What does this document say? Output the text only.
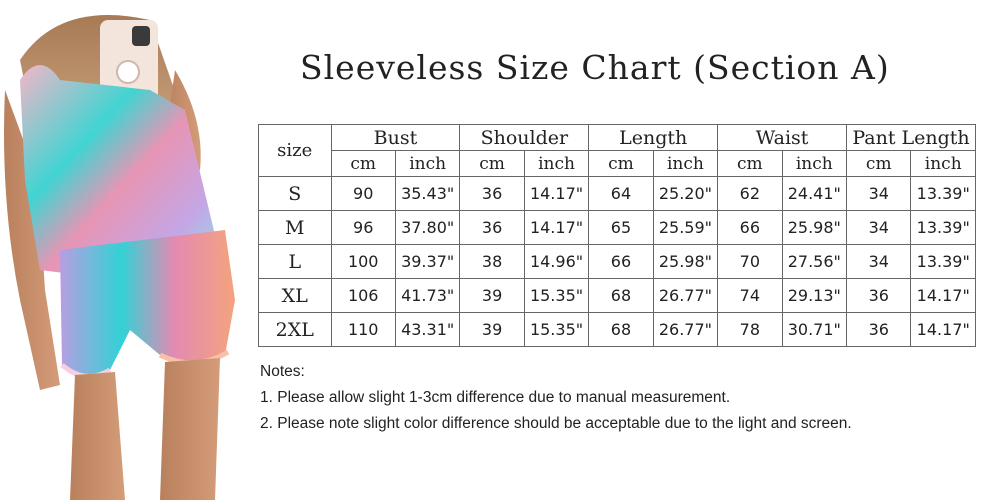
Sleeveless Size Chart (Section A)
size	Bust		Shoulder		Length		Waist		Pant Length	
	cm	inch	cm	inch	cm	inch	cm	inch	cm	inch
S	90	35.43"	36	14.17"	64	25.20"	62	24.41"	34	13.39"
M	96	37.80"	36	14.17"	65	25.59"	66	25.98"	34	13.39"
L	100	39.37"	38	14.96"	66	25.98"	70	27.56"	34	13.39"
XL	106	41.73"	39	15.35"	68	26.77"	74	29.13"	36	14.17"
2XL	110	43.31"	39	15.35"	68	26.77"	78	30.71"	36	14.17"
Notes:
1. Please allow slight 1-3cm difference due to manual measurement.
2. Please note slight color difference should be acceptable due to the light and screen.
